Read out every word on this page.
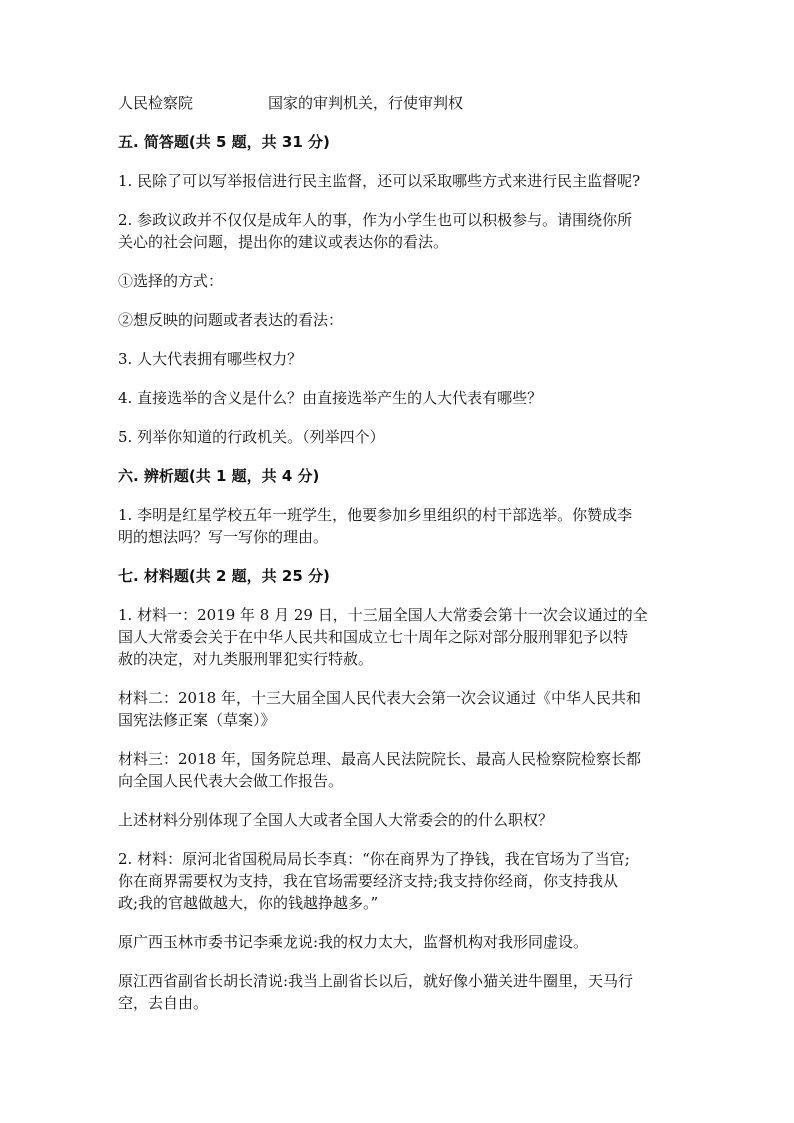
人民检察院	国家的审判机关，行使审判权

五. 简答题(共 5 题，共 31 分)

1. 民除了可以写举报信进行民主监督，还可以采取哪些方式来进行民主监督呢?

2. 参政议政并不仅仅是成年人的事，作为小学生也可以积极参与。请围绕你所

关心的社会问题，提出你的建议或表达你的看法。

①选择的方式：

②想反映的问题或者表达的看法：

3. 人大代表拥有哪些权力？

4. 直接选举的含义是什么？由直接选举产生的人大代表有哪些？

5. 列举你知道的行政机关。（列举四个）

六. 辨析题(共 1 题，共 4 分)

1. 李明是红星学校五年一班学生，他要参加乡里组织的村干部选举。你赞成李

明的想法吗？写一写你的理由。

七. 材料题(共 2 题，共 25 分)

1. 材料一：2019 年 8 月 29 日，十三届全国人大常委会第十一次会议通过的全

国人大常委会关于在中华人民共和国成立七十周年之际对部分服刑罪犯予以特

赦的决定，对九类服刑罪犯实行特赦。

材料二：2018 年，十三大届全国人民代表大会第一次会议通过《中华人民共和

国宪法修正案（草案）》

材料三：2018 年，国务院总理、最高人民法院院长、最高人民检察院检察长都

向全国人民代表大会做工作报告。

上述材料分别体现了全国人大或者全国人大常委会的的什么职权？

2. 材料：原河北省国税局局长李真：“你在商界为了挣钱，我在官场为了当官;

你在商界需要权为支持，我在官场需要经济支持;我支持你经商，你支持我从

政;我的官越做越大，你的钱越挣越多。”

原广西玉林市委书记李乘龙说:我的权力太大，监督机构对我形同虚设。

原江西省副省长胡长清说:我当上副省长以后，就好像小猫关进牛圈里，天马行

空，去自由。
